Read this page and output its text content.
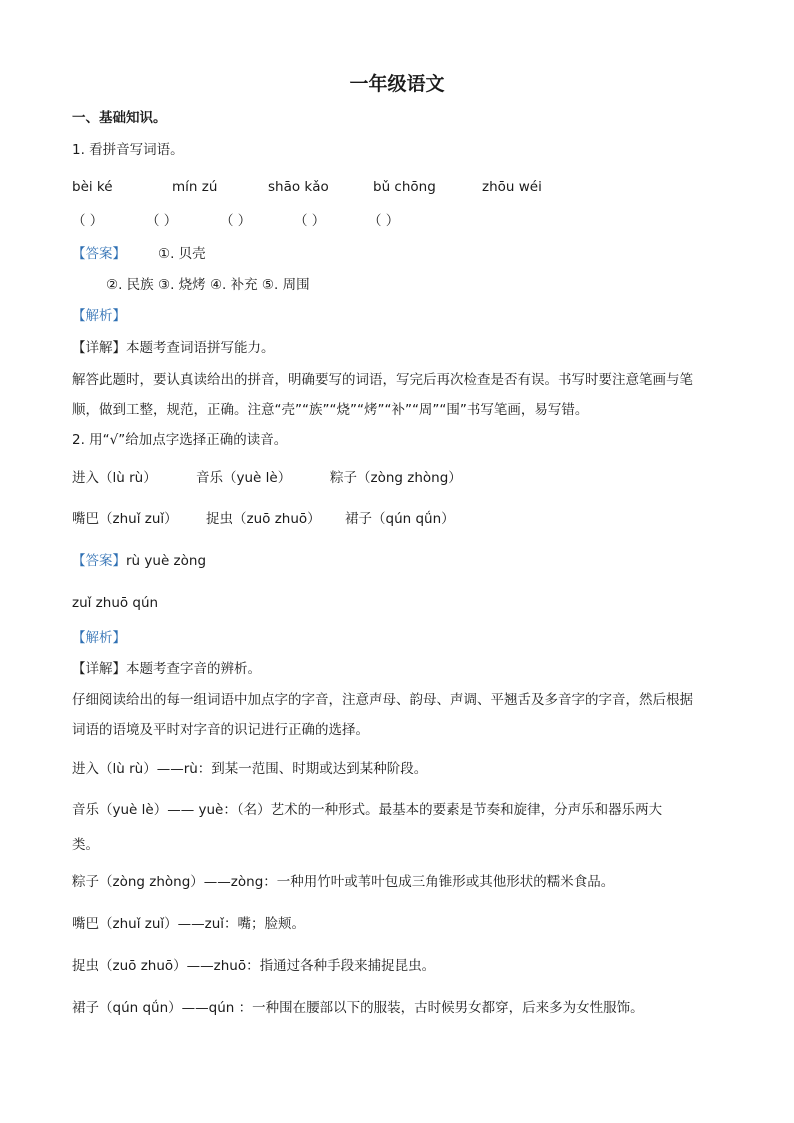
一年级语文
一、基础知识。
1. 看拼音写词语。
bèi ké	mín zú	shāo kǎo	bǔ chōng	zhōu wéi
（ ）	（ ）	（ ）	（ ）	（ ）
【答案】 ①. 贝壳
②. 民族 ③. 烧烤 ④. 补充 ⑤. 周围
【解析】
【详解】本题考查词语拼写能力。
解答此题时，要认真读给出的拼音，明确要写的词语，写完后再次检查是否有误。书写时要注意笔画与笔
顺，做到工整，规范，正确。注意“壳”“族”“烧”“烤”“补”“周”“围”书写笔画，易写错。
2. 用“√”给加点字选择正确的读音。
进入（lù rù）	音乐（yuè lè）	粽子（zòng zhòng）
嘴巴（zhuǐ zuǐ） 捉虫（zuō zhuō） 裙子（qún qǘn）
【答案】rù yuè zòng
zuǐ zhuō qún
【解析】
【详解】本题考查字音的辨析。
仔细阅读给出的每一组词语中加点字的字音，注意声母、韵母、声调、平翘舌及多音字的字音，然后根据
词语的语境及平时对字音的识记进行正确的选择。
进入（lù rù）——rù：到某一范围、时期或达到某种阶段。
音乐（yuè lè）—— yuè：（名）艺术的一种形式。最基本的要素是节奏和旋律，分声乐和器乐两大
类。
粽子（zòng zhòng）——zòng：一种用竹叶或苇叶包成三角锥形或其他形状的糯米食品。
嘴巴（zhuǐ zuǐ）——zuǐ：嘴；脸颊。
捉虫（zuō zhuō）——zhuō：指通过各种手段来捕捉昆虫。
裙子（qún qǘn）——qún ：一种围在腰部以下的服装，古时候男女都穿，后来多为女性服饰。
